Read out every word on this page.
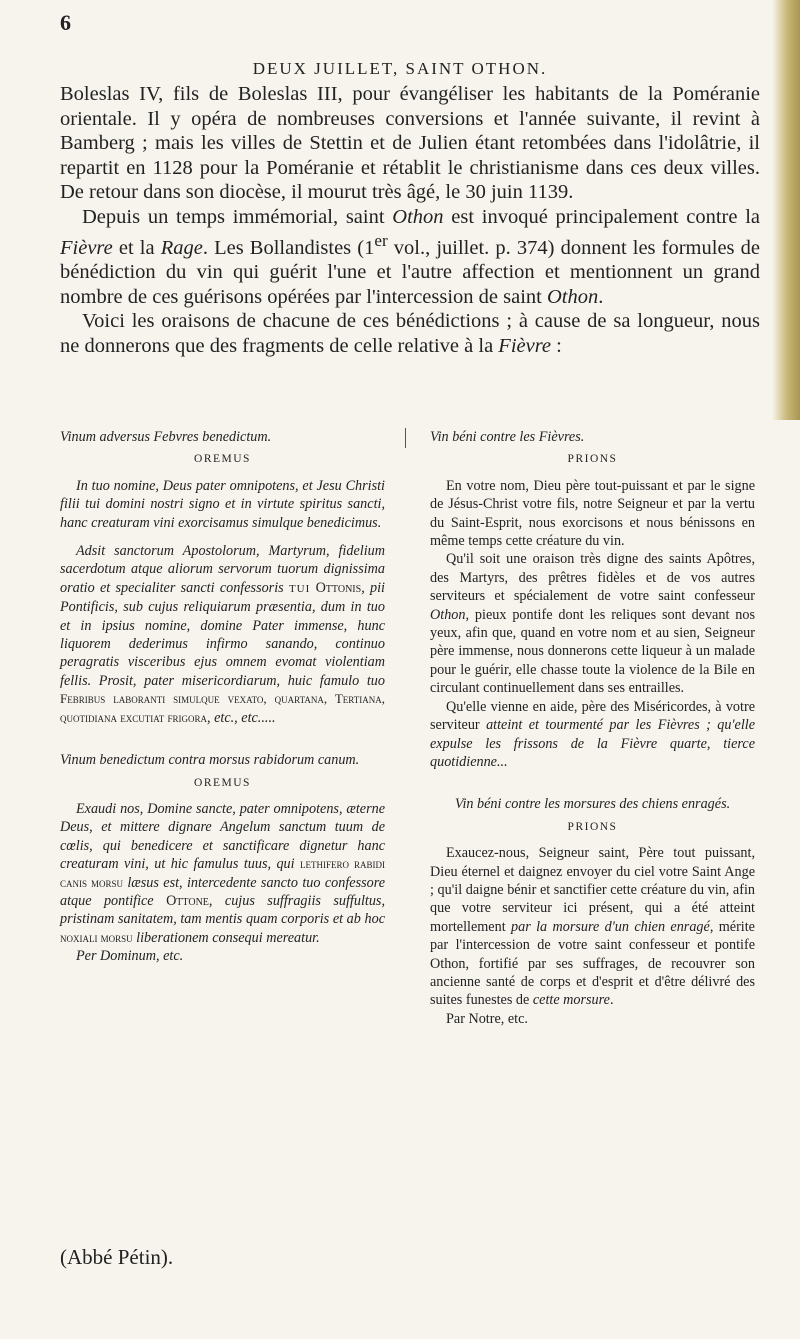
6
DEUX JUILLET, SAINT OTHON.

Boleslas IV, fils de Boleslas III, pour évangéliser les habitants de la Poméranie orientale. Il y opéra de nombreuses conversions et l'année suivante, il revint à Bamberg ; mais les villes de Stettin et de Julien étant retombées dans l'idolâtrie, il repartit en 1128 pour la Poméranie et rétablit le christianisme dans ces deux villes. De retour dans son diocèse, il mourut très âgé, le 30 juin 1139.

Depuis un temps immémorial, saint Othon est invoqué principalement contre la Fièvre et la Rage. Les Bollandistes (1er vol., juillet. p. 374) donnent les formules de bénédiction du vin qui guérit l'une et l'autre affection et mentionnent un grand nombre de ces guérisons opérées par l'intercession de saint Othon.

Voici les oraisons de chacune de ces bénédictions ; à cause de sa longueur, nous ne donnerons que des fragments de celle relative à la Fièvre :

Vinum adversus Febvres benedictum.
OREMUS

In tuo nomine, Deus pater omnipotens, et Jesu Christi filii tui domini nostri signo et in virtute spiritus sancti, hanc creaturam vini exorcisamus simulque benedicimus.

Adsit sanctorum Apostolorum, Martyrum, fidelium sacerdotum atque aliorum servorum tuorum dignissima oratio et specialiter sancti confessoris TUI Ottonis, pii Pontificis, sub cujus reliquiarum præsentia, dum in tuo et in ipsius nomine, domine Pater immense, hunc liquorem dederimus infirmo sanando, continuo peragratis visceribus ejus omnem evomat violentiam fellis. Prosit, pater misericordiarum, huic famulo tuo Febribus laboranti simulque vexato, quartana, Tertiana, quotidiana excutiat frigora, etc., etc.....

Vinum benedictum contra morsus rabidorum canum.
OREMUS

Exaudi nos, Domine sancte, pater omnipotens, æterne Deus, et mittere dignare Angelum sanctum tuum de cœlis, qui benedicere et sanctificare dignetur hanc creaturam vini, ut hic famulus tuus, qui lethifero rabidi canis morsu læsus est, intercedente sancto tuo confessore atque pontifice Ottone, cujus suffragiis suffultus, pristinam sanitatem, tam mentis quam corporis et ab hoc noxiali morsu liberationem consequi mereatur.

Per Dominum, etc.

Vin béni contre les Fièvres.
PRIONS

En votre nom, Dieu père tout-puissant et par le signe de Jésus-Christ votre fils, notre Seigneur et par la vertu du Saint-Esprit, nous exorcisons et nous bénissons en même temps cette créature du vin.

Qu'il soit une oraison très digne des saints Apôtres, des Martyrs, des prêtres fidèles et de vos autres serviteurs et spécialement de votre saint confesseur Othon, pieux pontife dont les reliques sont devant nos yeux, afin que, quand en votre nom et au sien, Seigneur père immense, nous donnerons cette liqueur à un malade pour le guérir, elle chasse toute la violence de la Bile en circulant continuellement dans ses entrailles.

Qu'elle vienne en aide, père des Miséricordes, à votre serviteur atteint et tourmenté par les Fièvres ; qu'elle expulse les frissons de la Fièvre quarte, tierce quotidienne...

Vin béni contre les morsures des chiens enragés.
PRIONS

Exaucez-nous, Seigneur saint, Père tout puissant, Dieu éternel et daignez envoyer du ciel votre Saint Ange ; qu'il daigne bénir et sanctifier cette créature du vin, afin que votre serviteur ici présent, qui a été atteint mortellement par la morsure d'un chien enragé, mérite par l'intercession de votre saint confesseur et pontife Othon, fortifié par ses suffrages, de recouvrer son ancienne santé de corps et d'esprit et d'être délivré des suites funestes de cette morsure.

Par Notre, etc.

(Abbé Pétin).
